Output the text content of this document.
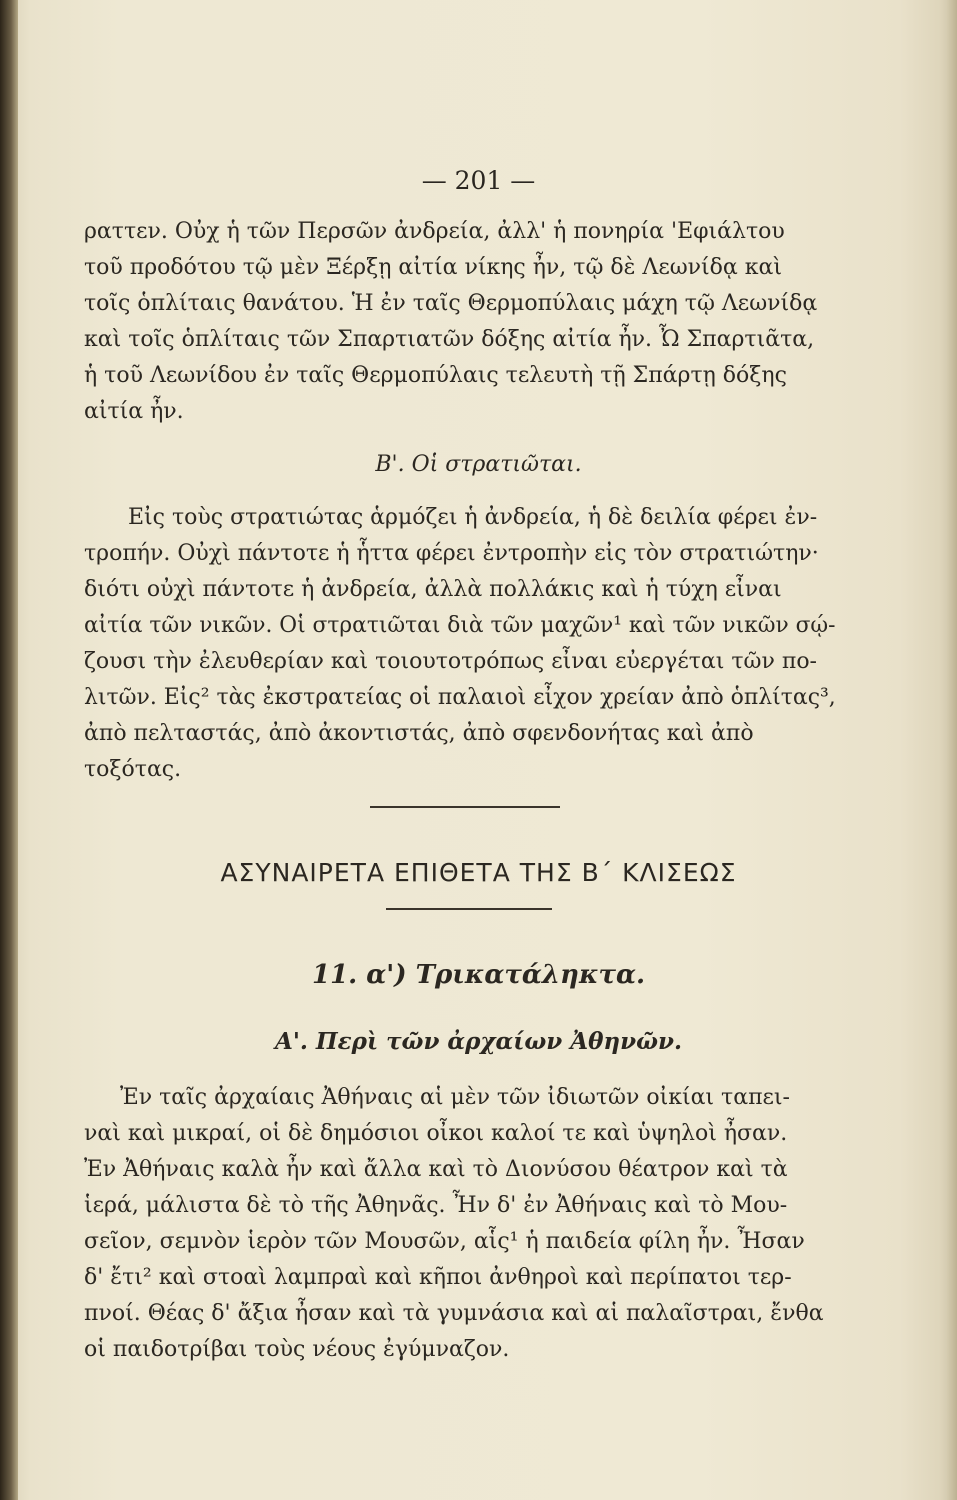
— 201 —
ραττεν. Οὐχ ἡ τῶν Περσῶν ἀνδρεία, ἀλλ' ἡ πονηρία 'Εφιάλτου
τοῦ προδότου τῷ μὲν Ξέρξῃ αἰτία νίκης ἦν, τῷ δὲ Λεωνίδᾳ καὶ
τοῖς ὁπλίταις θανάτου. Ἡ ἐν ταῖς Θερμοπύλαις μάχη τῷ Λεωνίδᾳ
καὶ τοῖς ὁπλίταις τῶν Σπαρτιατῶν δόξης αἰτία ἦν. Ὦ Σπαρτιᾶτα,
ἡ τοῦ Λεωνίδου ἐν ταῖς Θερμοπύλαις τελευτὴ τῇ Σπάρτῃ δόξης
αἰτία ἦν.
Β'. Οἱ στρατιῶται.
Εἰς τοὺς στρατιώτας ἁρμόζει ἡ ἀνδρεία, ἡ δὲ δειλία φέρει ἐν-
τροπήν. Οὐχὶ πάντοτε ἡ ἧττα φέρει ἐντροπὴν εἰς τὸν στρατιώτην·
διότι οὐχὶ πάντοτε ἡ ἀνδρεία, ἀλλὰ πολλάκις καὶ ἡ τύχη εἶναι
αἰτία τῶν νικῶν. Οἱ στρατιῶται διὰ τῶν μαχῶν¹ καὶ τῶν νικῶν σῴ-
ζουσι τὴν ἐλευθερίαν καὶ τοιουτοτρόπως εἶναι εὐεργέται τῶν πο-
λιτῶν. Εἰς² τὰς ἐκστρατείας οἱ παλαιοὶ εἶχον χρείαν ἀπὸ ὁπλίτας³,
ἀπὸ πελταστάς, ἀπὸ ἀκοντιστάς, ἀπὸ σφενδονήτας καὶ ἀπὸ
τοξότας.
ΑΣΥΝΑΙΡΕΤΑ ΕΠΙΘΕΤΑ ΤΗΣ Β΄ ΚΛΙΣΕΩΣ
11. α') Τρικατάληκτα.
Α'. Περὶ τῶν ἀρχαίων Ἀθηνῶν.
Ἐν ταῖς ἀρχαίαις Ἀθήναις αἱ μὲν τῶν ἰδιωτῶν οἰκίαι ταπει-
ναὶ καὶ μικραί, οἱ δὲ δημόσιοι οἶκοι καλοί τε καὶ ὑψηλοὶ ἦσαν.
Ἐν Ἀθήναις καλὰ ἦν καὶ ἄλλα καὶ τὸ Διονύσου θέατρον καὶ τὰ
ἱερά, μάλιστα δὲ τὸ τῆς Ἀθηνᾶς. Ἦν δ' ἐν Ἀθήναις καὶ τὸ Μου-
σεῖον, σεμνὸν ἱερὸν τῶν Μουσῶν, αἷς¹ ἡ παιδεία φίλη ἦν. Ἦσαν
δ' ἔτι² καὶ στοαὶ λαμπραὶ καὶ κῆποι ἀνθηροὶ καὶ περίπατοι τερ-
πνοί. Θέας δ' ἄξια ἦσαν καὶ τὰ γυμνάσια καὶ αἱ παλαῖστραι, ἔνθα
οἱ παιδοτρίβαι τοὺς νέους ἐγύμναζον.
